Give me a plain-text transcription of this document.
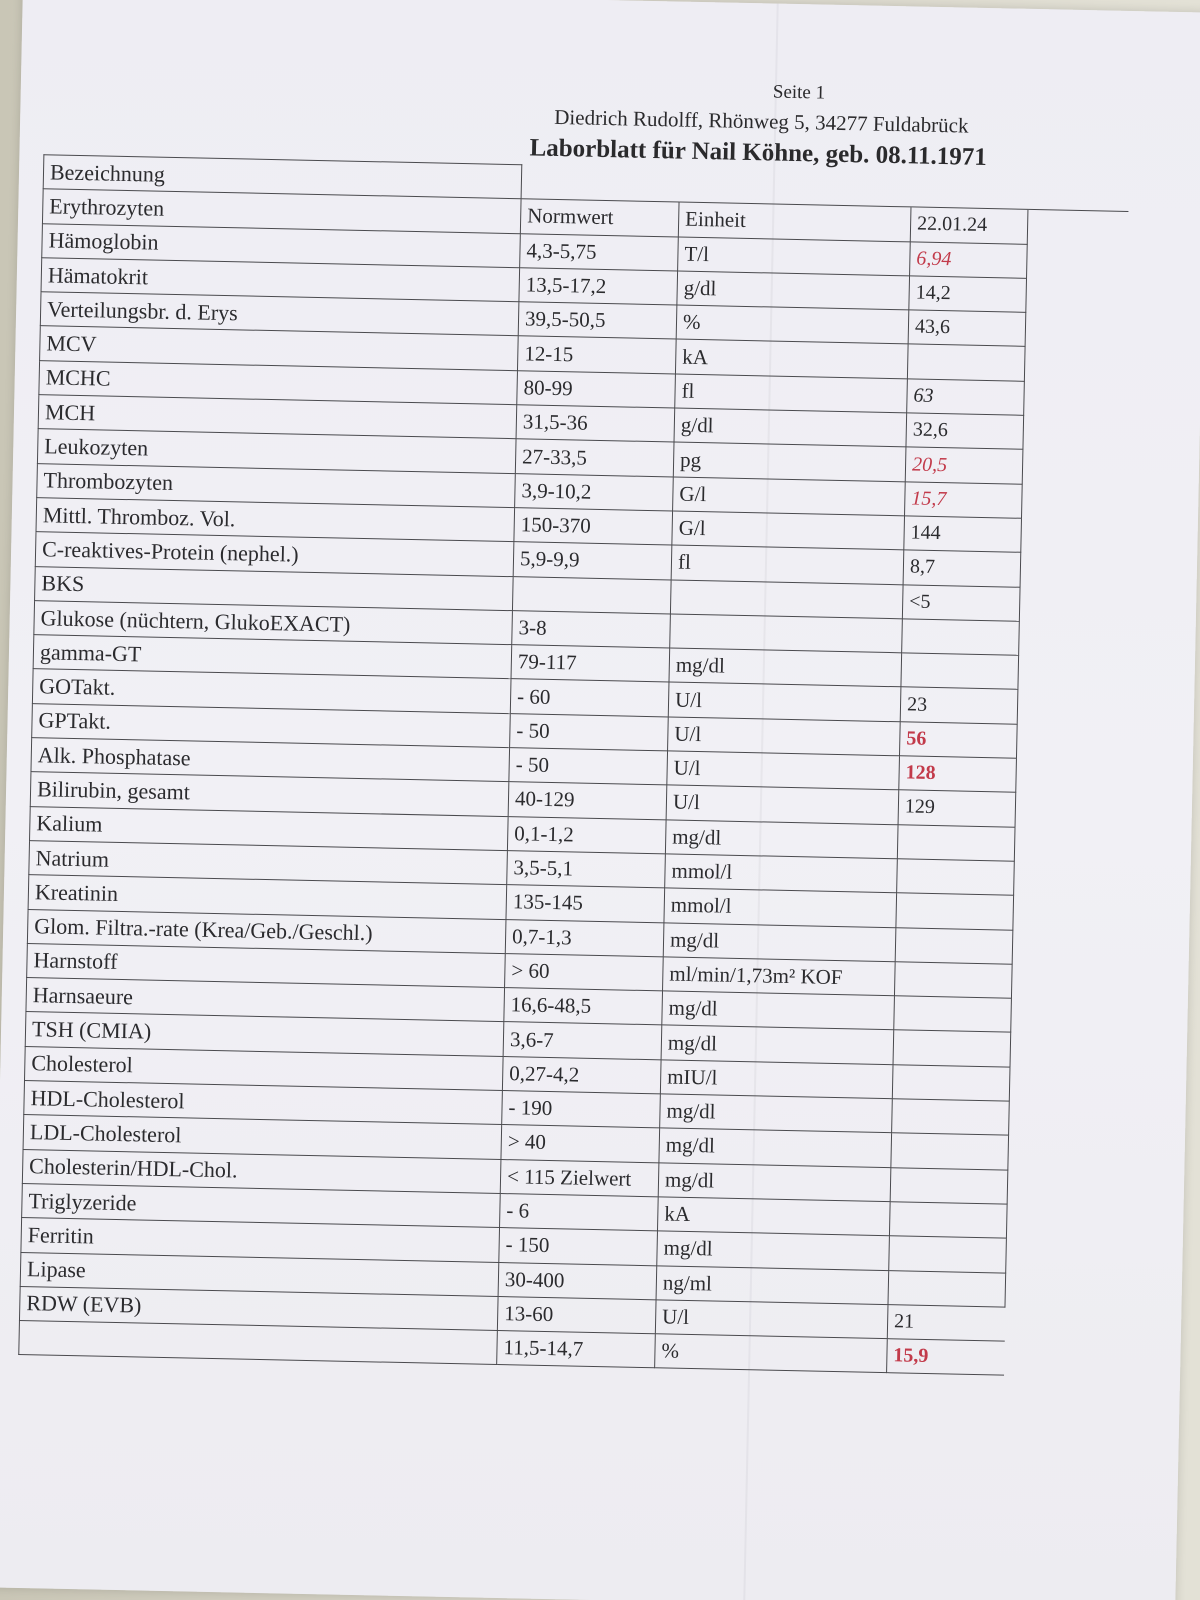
Seite 1
Diedrich Rudolff, Rhönweg 5, 34277 Fuldabrück
Laborblatt für Nail Köhne, geb. 08.11.1971
Bezeichnung				
Erythrozyten	Normwert	Einheit	22.01.24	
Hämoglobin	4,3-5,75	T/l	6,94	
Hämatokrit	13,5-17,2	g/dl	14,2	
Verteilungsbr. d. Erys	39,5-50,5	%	43,6	
MCV	12-15	kA		
MCHC	80-99	fl	63	
MCH	31,5-36	g/dl	32,6	
Leukozyten	27-33,5	pg	20,5	
Thrombozyten	3,9-10,2	G/l	15,7	
Mittl. Thromboz. Vol.	150-370	G/l	144	
C-reaktives-Protein (nephel.)	5,9-9,9	fl	8,7	
BKS			<5	
Glukose (nüchtern, GlukoEXACT)	3-8			
gamma-GT	79-117	mg/dl		
GOTakt.	- 60	U/l	23	
GPTakt.	- 50	U/l	56	
Alk. Phosphatase	- 50	U/l	128	
Bilirubin, gesamt	40-129	U/l	129	
Kalium	0,1-1,2	mg/dl		
Natrium	3,5-5,1	mmol/l		
Kreatinin	135-145	mmol/l		
Glom. Filtra.-rate (Krea/Geb./Geschl.)	0,7-1,3	mg/dl		
Harnstoff	> 60	ml/min/1,73m² KOF		
Harnsaeure	16,6-48,5	mg/dl		
TSH (CMIA)	3,6-7	mg/dl		
Cholesterol	0,27-4,2	mIU/l		
HDL-Cholesterol	- 190	mg/dl		
LDL-Cholesterol	> 40	mg/dl		
Cholesterin/HDL-Chol.	< 115 Zielwert	mg/dl		
Triglyzeride	- 6	kA		
Ferritin	- 150	mg/dl		
Lipase	30-400	ng/ml		
RDW (EVB)	13-60	U/l	21	
	11,5-14,7	%	15,9	
